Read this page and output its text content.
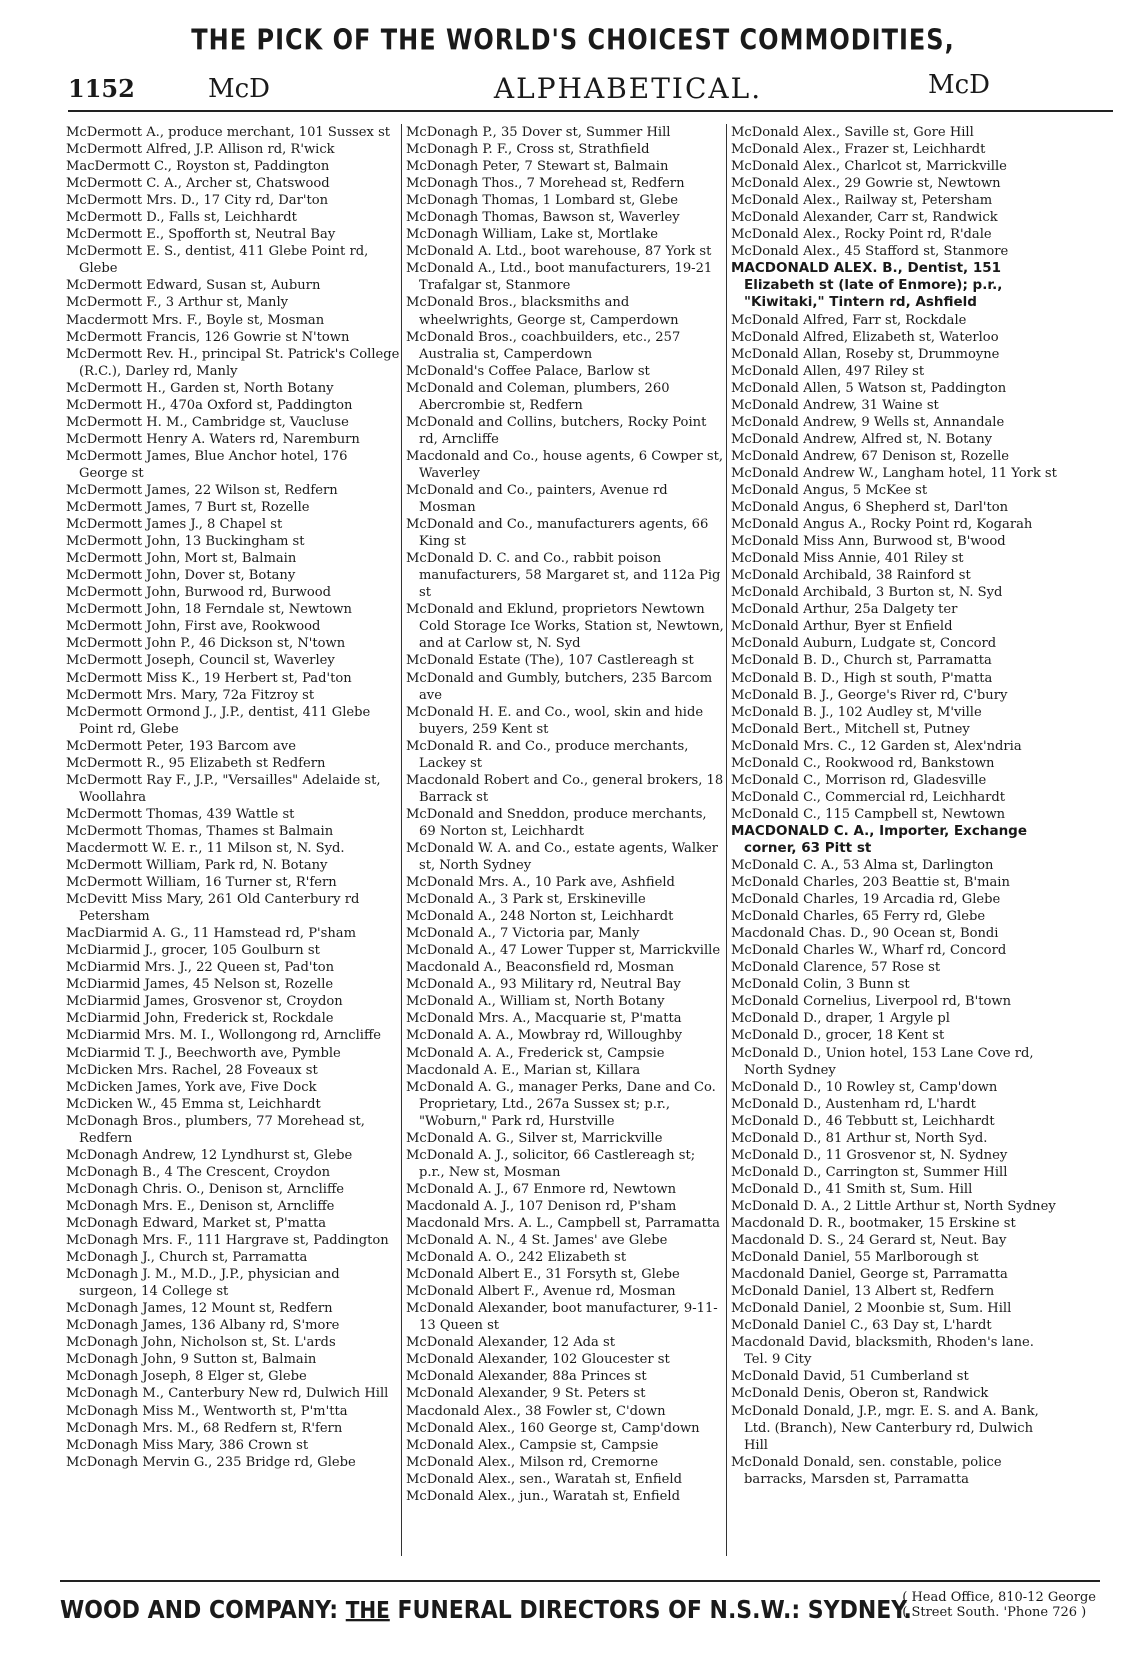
THE PICK OF THE WORLD'S CHOICEST COMMODITIES,
1152	McD	ALPHABETICAL.	McD

McDermott A., produce merchant, 101 Sussex st

McDermott Alfred, J.P. Allison rd, R'wick

MacDermott C., Royston st, Paddington

McDermott C. A., Archer st, Chatswood

McDermott Mrs. D., 17 City rd, Dar'ton

McDermott D., Falls st, Leichhardt

McDermott E., Spofforth st, Neutral Bay

McDermott E. S., dentist, 411 Glebe Point rd, Glebe

McDermott Edward, Susan st, Auburn

McDermott F., 3 Arthur st, Manly

Macdermott Mrs. F., Boyle st, Mosman

McDermott Francis, 126 Gowrie st N'town

McDermott Rev. H., principal St. Patrick's College (R.C.), Darley rd, Manly

McDermott H., Garden st, North Botany

McDermott H., 470a Oxford st, Paddington

McDermott H. M., Cambridge st, Vaucluse

McDermott Henry A. Waters rd, Naremburn

McDermott James, Blue Anchor hotel, 176 George st

McDermott James, 22 Wilson st, Redfern

McDermott James, 7 Burt st, Rozelle

McDermott James J., 8 Chapel st

McDermott John, 13 Buckingham st

McDermott John, Mort st, Balmain

McDermott John, Dover st, Botany

McDermott John, Burwood rd, Burwood

McDermott John, 18 Ferndale st, Newtown

McDermott John, First ave, Rookwood

McDermott John P., 46 Dickson st, N'town

McDermott Joseph, Council st, Waverley

McDermott Miss K., 19 Herbert st, Pad'ton

McDermott Mrs. Mary, 72a Fitzroy st

McDermott Ormond J., J.P., dentist, 411 Glebe Point rd, Glebe

McDermott Peter, 193 Barcom ave

McDermott R., 95 Elizabeth st Redfern

McDermott Ray F., J.P., "Versailles" Adelaide st, Woollahra

McDermott Thomas, 439 Wattle st

McDermott Thomas, Thames st Balmain

Macdermott W. E. r., 11 Milson st, N. Syd.

McDermott William, Park rd, N. Botany

McDermott William, 16 Turner st, R'fern

McDevitt Miss Mary, 261 Old Canterbury rd Petersham

MacDiarmid A. G., 11 Hamstead rd, P'sham

McDiarmid J., grocer, 105 Goulburn st

McDiarmid Mrs. J., 22 Queen st, Pad'ton

McDiarmid James, 45 Nelson st, Rozelle

McDiarmid James, Grosvenor st, Croydon

McDiarmid John, Frederick st, Rockdale

McDiarmid Mrs. M. I., Wollongong rd, Arncliffe

McDiarmid T. J., Beechworth ave, Pymble

McDicken Mrs. Rachel, 28 Foveaux st

McDicken James, York ave, Five Dock

McDicken W., 45 Emma st, Leichhardt

McDonagh Bros., plumbers, 77 Morehead st, Redfern

McDonagh Andrew, 12 Lyndhurst st, Glebe

McDonagh B., 4 The Crescent, Croydon

McDonagh Chris. O., Denison st, Arncliffe

McDonagh Mrs. E., Denison st, Arncliffe

McDonagh Edward, Market st, P'matta

McDonagh Mrs. F., 111 Hargrave st, Paddington

McDonagh J., Church st, Parramatta

McDonagh J. M., M.D., J.P., physician and surgeon, 14 College st

McDonagh James, 12 Mount st, Redfern

McDonagh James, 136 Albany rd, S'more

McDonagh John, Nicholson st, St. L'ards

McDonagh John, 9 Sutton st, Balmain

McDonagh Joseph, 8 Elger st, Glebe

McDonagh M., Canterbury New rd, Dulwich Hill

McDonagh Miss M., Wentworth st, P'm'tta

McDonagh Mrs. M., 68 Redfern st, R'fern

McDonagh Miss Mary, 386 Crown st

McDonagh Mervin G., 235 Bridge rd, Glebe

McDonagh P., 35 Dover st, Summer Hill

McDonagh P. F., Cross st, Strathfield

McDonagh Peter, 7 Stewart st, Balmain

McDonagh Thos., 7 Morehead st, Redfern

McDonagh Thomas, 1 Lombard st, Glebe

McDonagh Thomas, Bawson st, Waverley

McDonagh William, Lake st, Mortlake

McDonald A. Ltd., boot warehouse, 87 York st

McDonald A., Ltd., boot manufacturers, 19-21 Trafalgar st, Stanmore

McDonald Bros., blacksmiths and wheelwrights, George st, Camperdown

McDonald Bros., coachbuilders, etc., 257 Australia st, Camperdown

McDonald's Coffee Palace, Barlow st

McDonald and Coleman, plumbers, 260 Abercrombie st, Redfern

McDonald and Collins, butchers, Rocky Point rd, Arncliffe

Macdonald and Co., house agents, 6 Cowper st, Waverley

McDonald and Co., painters, Avenue rd Mosman

McDonald and Co., manufacturers agents, 66 King st

McDonald D. C. and Co., rabbit poison manufacturers, 58 Margaret st, and 112a Pig st

McDonald and Eklund, proprietors Newtown Cold Storage Ice Works, Station st, Newtown, and at Carlow st, N. Syd

McDonald Estate (The), 107 Castlereagh st

McDonald and Gumbly, butchers, 235 Barcom ave

McDonald H. E. and Co., wool, skin and hide buyers, 259 Kent st

McDonald R. and Co., produce merchants, Lackey st

Macdonald Robert and Co., general brokers, 18 Barrack st

McDonald and Sneddon, produce merchants, 69 Norton st, Leichhardt

McDonald W. A. and Co., estate agents, Walker st, North Sydney

McDonald Mrs. A., 10 Park ave, Ashfield

McDonald A., 3 Park st, Erskineville

McDonald A., 248 Norton st, Leichhardt

McDonald A., 7 Victoria par, Manly

McDonald A., 47 Lower Tupper st, Marrickville

Macdonald A., Beaconsfield rd, Mosman

McDonald A., 93 Military rd, Neutral Bay

McDonald A., William st, North Botany

McDonald Mrs. A., Macquarie st, P'matta

McDonald A. A., Mowbray rd, Willoughby

McDonald A. A., Frederick st, Campsie

Macdonald A. E., Marian st, Killara

McDonald A. G., manager Perks, Dane and Co. Proprietary, Ltd., 267a Sussex st; p.r., "Woburn," Park rd, Hurstville

McDonald A. G., Silver st, Marrickville

McDonald A. J., solicitor, 66 Castlereagh st; p.r., New st, Mosman

McDonald A. J., 67 Enmore rd, Newtown

Macdonald A. J., 107 Denison rd, P'sham

Macdonald Mrs. A. L., Campbell st, Parramatta

McDonald A. N., 4 St. James' ave Glebe

McDonald A. O., 242 Elizabeth st

McDonald Albert E., 31 Forsyth st, Glebe

McDonald Albert F., Avenue rd, Mosman

McDonald Alexander, boot manufacturer, 9-11-13 Queen st

McDonald Alexander, 12 Ada st

McDonald Alexander, 102 Gloucester st

McDonald Alexander, 88a Princes st

McDonald Alexander, 9 St. Peters st

Macdonald Alex., 38 Fowler st, C'down

McDonald Alex., 160 George st, Camp'down

McDonald Alex., Campsie st, Campsie

McDonald Alex., Milson rd, Cremorne

McDonald Alex., sen., Waratah st, Enfield

McDonald Alex., jun., Waratah st, Enfield

McDonald Alex., Saville st, Gore Hill

McDonald Alex., Frazer st, Leichhardt

McDonald Alex., Charlcot st, Marrickville

McDonald Alex., 29 Gowrie st, Newtown

McDonald Alex., Railway st, Petersham

McDonald Alexander, Carr st, Randwick

McDonald Alex., Rocky Point rd, R'dale

McDonald Alex., 45 Stafford st, Stanmore

MACDONALD ALEX. B., Dentist, 151 Elizabeth st (late of Enmore); p.r., "Kiwitaki," Tintern rd, Ashfield

McDonald Alfred, Farr st, Rockdale

McDonald Alfred, Elizabeth st, Waterloo

McDonald Allan, Roseby st, Drummoyne

McDonald Allen, 497 Riley st

McDonald Allen, 5 Watson st, Paddington

McDonald Andrew, 31 Waine st

McDonald Andrew, 9 Wells st, Annandale

McDonald Andrew, Alfred st, N. Botany

McDonald Andrew, 67 Denison st, Rozelle

McDonald Andrew W., Langham hotel, 11 York st

McDonald Angus, 5 McKee st

McDonald Angus, 6 Shepherd st, Darl'ton

McDonald Angus A., Rocky Point rd, Kogarah

McDonald Miss Ann, Burwood st, B'wood

McDonald Miss Annie, 401 Riley st

McDonald Archibald, 38 Rainford st

McDonald Archibald, 3 Burton st, N. Syd

McDonald Arthur, 25a Dalgety ter

McDonald Arthur, Byer st Enfield

McDonald Auburn, Ludgate st, Concord

McDonald B. D., Church st, Parramatta

McDonald B. D., High st south, P'matta

McDonald B. J., George's River rd, C'bury

McDonald B. J., 102 Audley st, M'ville

McDonald Bert., Mitchell st, Putney

McDonald Mrs. C., 12 Garden st, Alex'ndria

McDonald C., Rookwood rd, Bankstown

McDonald C., Morrison rd, Gladesville

McDonald C., Commercial rd, Leichhardt

McDonald C., 115 Campbell st, Newtown

MACDONALD C. A., Importer, Exchange corner, 63 Pitt st

McDonald C. A., 53 Alma st, Darlington

McDonald Charles, 203 Beattie st, B'main

McDonald Charles, 19 Arcadia rd, Glebe

McDonald Charles, 65 Ferry rd, Glebe

Macdonald Chas. D., 90 Ocean st, Bondi

McDonald Charles W., Wharf rd, Concord

McDonald Clarence, 57 Rose st

McDonald Colin, 3 Bunn st

McDonald Cornelius, Liverpool rd, B'town

McDonald D., draper, 1 Argyle pl

McDonald D., grocer, 18 Kent st

McDonald D., Union hotel, 153 Lane Cove rd, North Sydney

McDonald D., 10 Rowley st, Camp'down

McDonald D., Austenham rd, L'hardt

McDonald D., 46 Tebbutt st, Leichhardt

McDonald D., 81 Arthur st, North Syd.

McDonald D., 11 Grosvenor st, N. Sydney

McDonald D., Carrington st, Summer Hill

McDonald D., 41 Smith st, Sum. Hill

McDonald D. A., 2 Little Arthur st, North Sydney

Macdonald D. R., bootmaker, 15 Erskine st

Macdonald D. S., 24 Gerard st, Neut. Bay

McDonald Daniel, 55 Marlborough st

Macdonald Daniel, George st, Parramatta

McDonald Daniel, 13 Albert st, Redfern

McDonald Daniel, 2 Moonbie st, Sum. Hill

McDonald Daniel C., 63 Day st, L'hardt

Macdonald David, blacksmith, Rhoden's lane. Tel. 9 City

McDonald David, 51 Cumberland st

McDonald Denis, Oberon st, Randwick

McDonald Donald, J.P., mgr. E. S. and A. Bank, Ltd. (Branch), New Canterbury rd, Dulwich Hill

McDonald Donald, sen. constable, police barracks, Marsden st, Parramatta

WOOD AND COMPANY: THE FUNERAL DIRECTORS OF N.S.W.: SYDNEY.
( Head Office, 810-12 George
( Street South. 'Phone 726 )
